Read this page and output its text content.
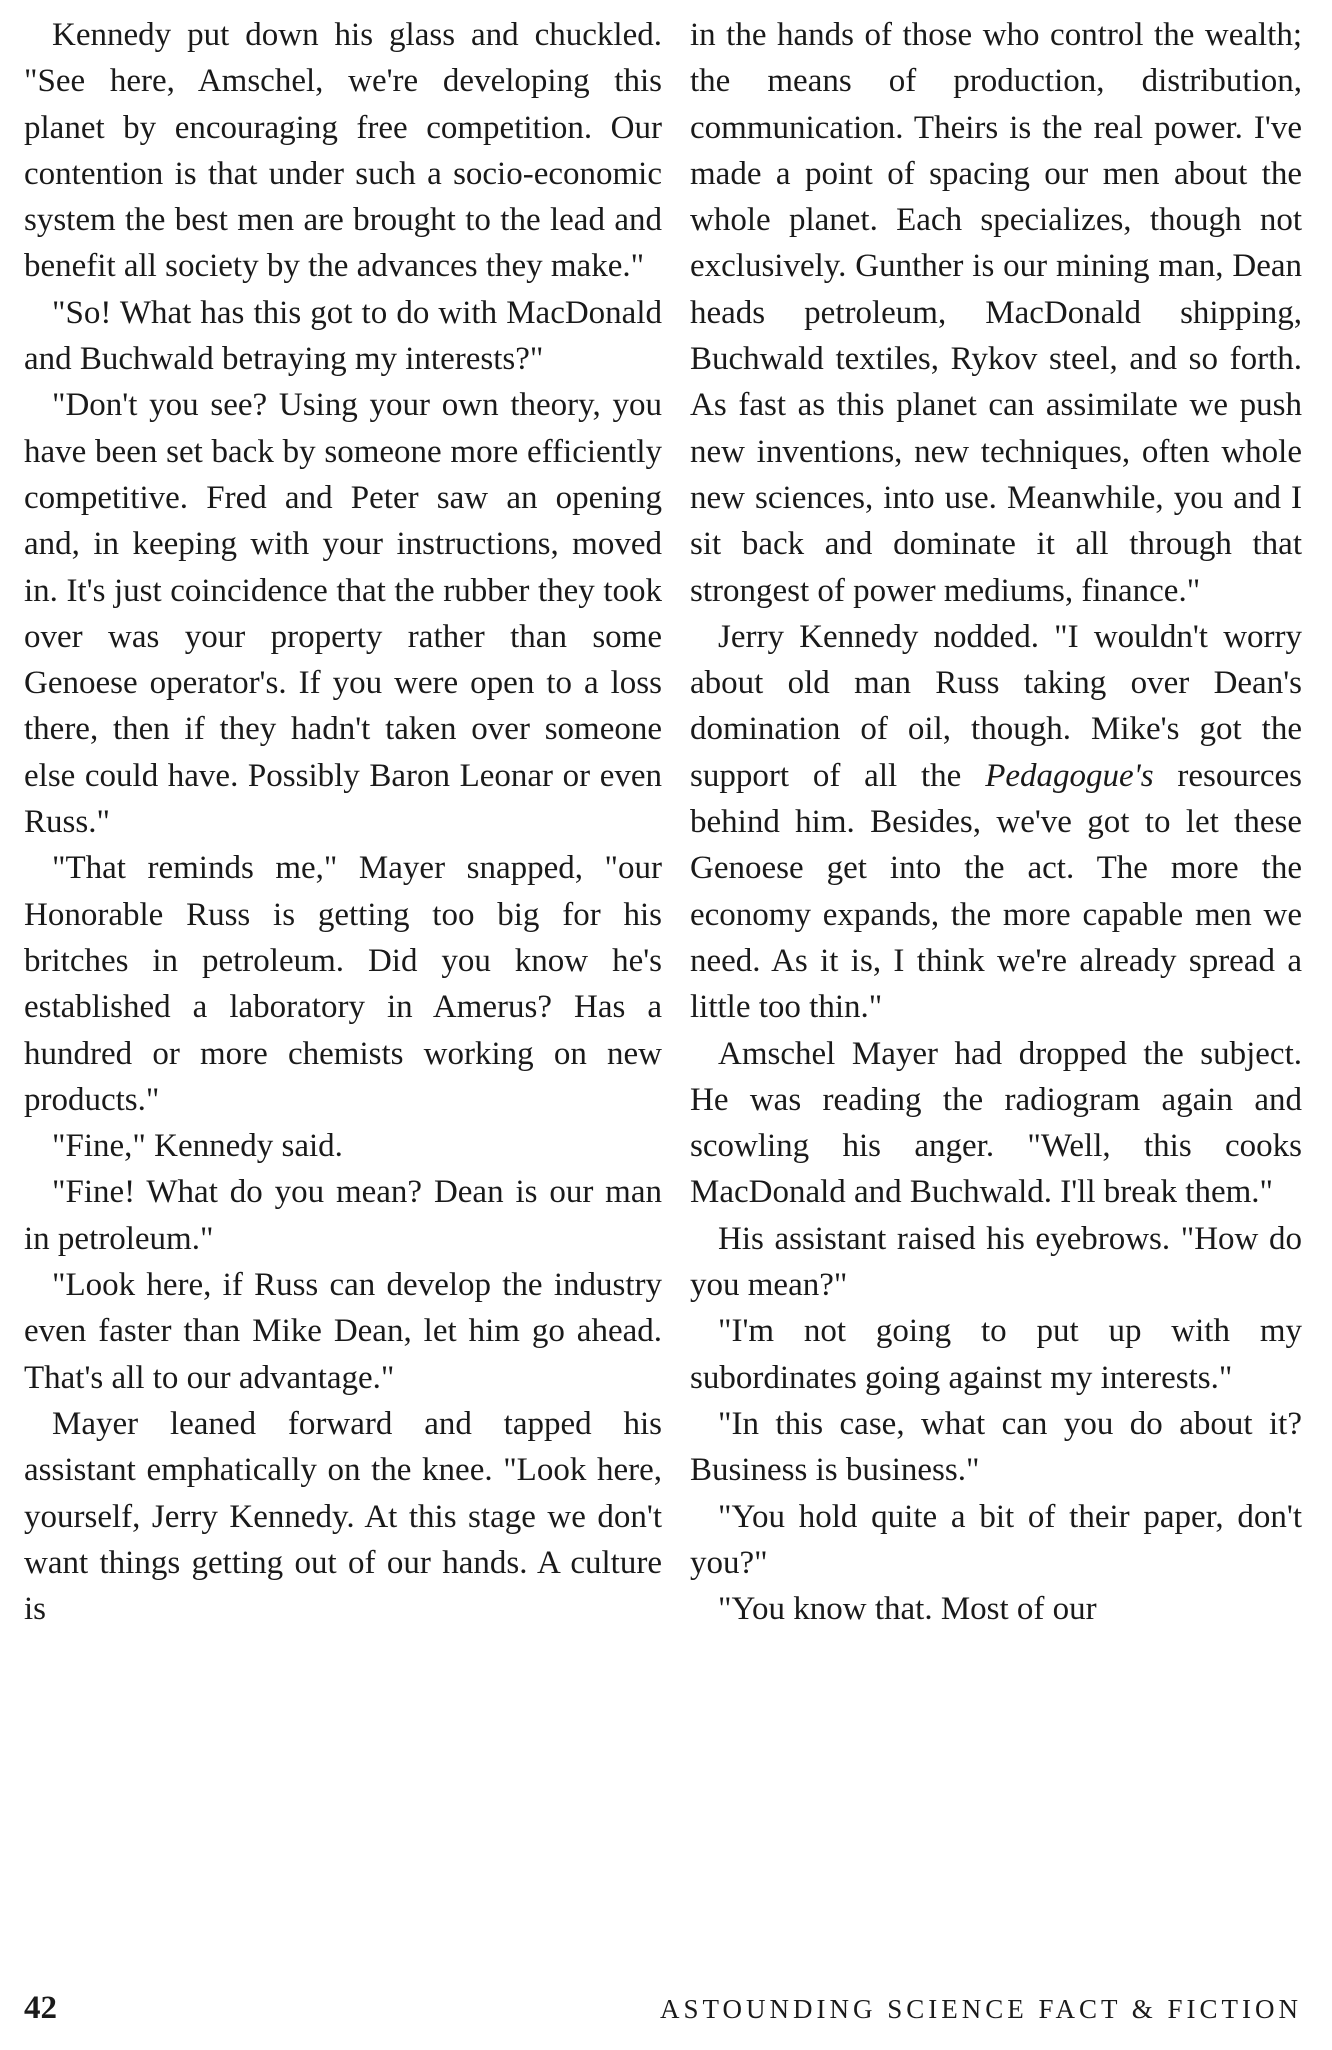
Kennedy put down his glass and chuckled. "See here, Amschel, we're developing this planet by encouraging free competition. Our contention is that under such a socio-economic system the best men are brought to the lead and benefit all society by the advances they make."

"So! What has this got to do with MacDonald and Buchwald betraying my interests?"

"Don't you see? Using your own theory, you have been set back by someone more efficiently competitive. Fred and Peter saw an opening and, in keeping with your instructions, moved in. It's just coincidence that the rubber they took over was your property rather than some Genoese operator's. If you were open to a loss there, then if they hadn't taken over someone else could have. Possibly Baron Leonar or even Russ."

"That reminds me," Mayer snapped, "our Honorable Russ is getting too big for his britches in petroleum. Did you know he's established a laboratory in Amerus? Has a hundred or more chemists working on new products."

"Fine," Kennedy said.

"Fine! What do you mean? Dean is our man in petroleum."

"Look here, if Russ can develop the industry even faster than Mike Dean, let him go ahead. That's all to our advantage."

Mayer leaned forward and tapped his assistant emphatically on the knee. "Look here, yourself, Jerry Kennedy. At this stage we don't want things getting out of our hands. A culture is

in the hands of those who control the wealth; the means of production, distribution, communication. Theirs is the real power. I've made a point of spacing our men about the whole planet. Each specializes, though not exclusively. Gunther is our mining man, Dean heads petroleum, MacDonald shipping, Buchwald textiles, Rykov steel, and so forth. As fast as this planet can assimilate we push new inventions, new techniques, often whole new sciences, into use. Meanwhile, you and I sit back and dominate it all through that strongest of power mediums, finance."

Jerry Kennedy nodded. "I wouldn't worry about old man Russ taking over Dean's domination of oil, though. Mike's got the support of all the Pedagogue's resources behind him. Besides, we've got to let these Genoese get into the act. The more the economy expands, the more capable men we need. As it is, I think we're already spread a little too thin."

Amschel Mayer had dropped the subject. He was reading the radiogram again and scowling his anger. "Well, this cooks MacDonald and Buchwald. I'll break them."

His assistant raised his eyebrows. "How do you mean?"

"I'm not going to put up with my subordinates going against my interests."

"In this case, what can you do about it? Business is business."

"You hold quite a bit of their paper, don't you?"

"You know that. Most of our

42	ASTOUNDING SCIENCE FACT & FICTION
